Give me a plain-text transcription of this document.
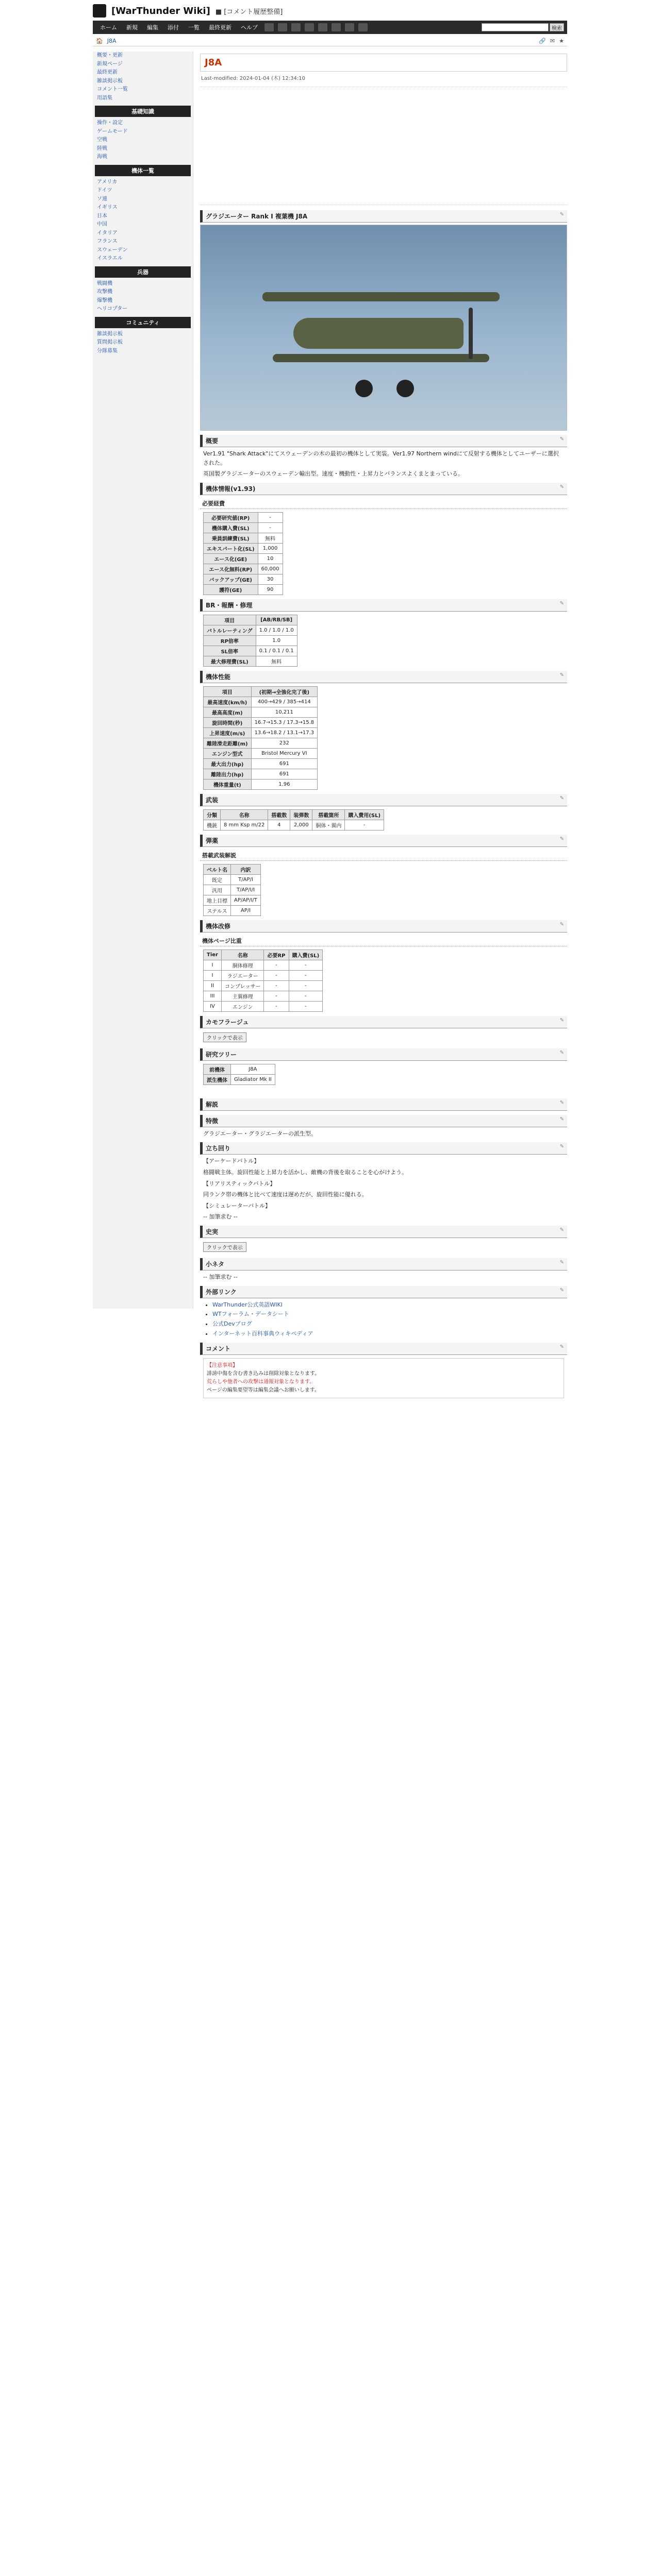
[WarThunder Wiki] ■ [コメント履歴整備]
ホーム	新規	編集	添付	一覧	最終更新	ヘルプ	検索
🏠 J8A	🔗 ✉ ★
概要・更新
新規ページ
最終更新
雑談掲示板
コメント一覧
用語集
基礎知識
操作・設定
ゲームモード
空戦
陸戦
海戦
機体一覧
アメリカ
ドイツ
ソ連
イギリス
日本
中国
イタリア
フランス
スウェーデン
イスラエル
兵器
戦闘機
攻撃機
爆撃機
ヘリコプター
コミュニティ
雑談掲示板
質問掲示板
分隊募集
J8A
Last-modified: 2024-01-04 (木) 12:34:10
グラジエーター Rank I 複葉機 J8A	✎
概要	✎

Ver1.91 "Shark Attack"にてスウェーデンの木の最初の機体として実装。Ver1.97 Northern windにて反射する機体としてユーザーに選択された。

英国製グラジエーターのスウェーデン輸出型。速度・機動性・上昇力とバランスよくまとまっている。

機体情報(v1.93)	✎
必要経費
必要研究値(RP)	-
機体購入費(SL)	-
乗員訓練費(SL)	無料
エキスパート化(SL)	1,000
エース化(GE)	10
エース化無料(RP)	60,000
バックアップ(GE)	30
護符(GE)	90
BR・報酬・修理	✎
項目	[AB/RB/SB]
バトルレーティング	1.0 / 1.0 / 1.0
RP倍率	1.0
SL倍率	0.1 / 0.1 / 0.1
最大修理費(SL)	無料
機体性能	✎
項目	(初期→全強化完了後)
最高速度(km/h)	400→429 / 385→414
最高高度(m)	10,211
旋回時間(秒)	16.7→15.3 / 17.3→15.8
上昇速度(m/s)	13.6→18.2 / 13.1→17.3
離陸滑走距離(m)	232
エンジン型式	Bristol Mercury VI
最大出力(hp)	691
離陸出力(hp)	691
機体重量(t)	1.96
武装	✎
分類	名称	搭載数	装弾数	搭載箇所	購入費用(SL)
機銃	8 mm Ksp m/22	4	2,000	胴体・翼内	-
弾薬	✎
搭載武装解説
ベルト名	内訳
既定	T/AP/I
汎用	T/AP/I/I
地上目標	AP/AP/I/T
ステルス	AP/I
機体改修	✎
機体ページ比重
Tier	名称	必要RP	購入費(SL)
I	胴体修理	-	-
I	ラジエーター	-	-
II	コンプレッサー	-	-
III	主翼修理	-	-
IV	エンジン	-	-
カモフラージュ	✎
クリックで表示
研究ツリー	✎
前機体	J8A
派生機体	Gladiator Mk II
解説	✎
特徴	✎

グラジエーター・グラジエーターの派生型。

立ち回り	✎

【アーケードバトル】

格闘戦主体。旋回性能と上昇力を活かし、敵機の背後を取ることを心がけよう。

【リアリスティックバトル】

同ランク帯の機体と比べて速度は遅めだが、旋回性能に優れる。

【シミュレーターバトル】

-- 加筆求む --

史実	✎
クリックで表示
小ネタ	✎

-- 加筆求む --

外部リンク	✎
• WarThunder公式英語WIKI
• WTフォーラム・データシート
• 公式Devブログ
• インターネット百科事典ウィキペディア
コメント	✎
【注意事項】
誹謗中傷を含む書き込みは削除対象となります。
荒らしや他者への攻撃は通報対象となります。
ページの編集要望等は編集会議へお願いします。
